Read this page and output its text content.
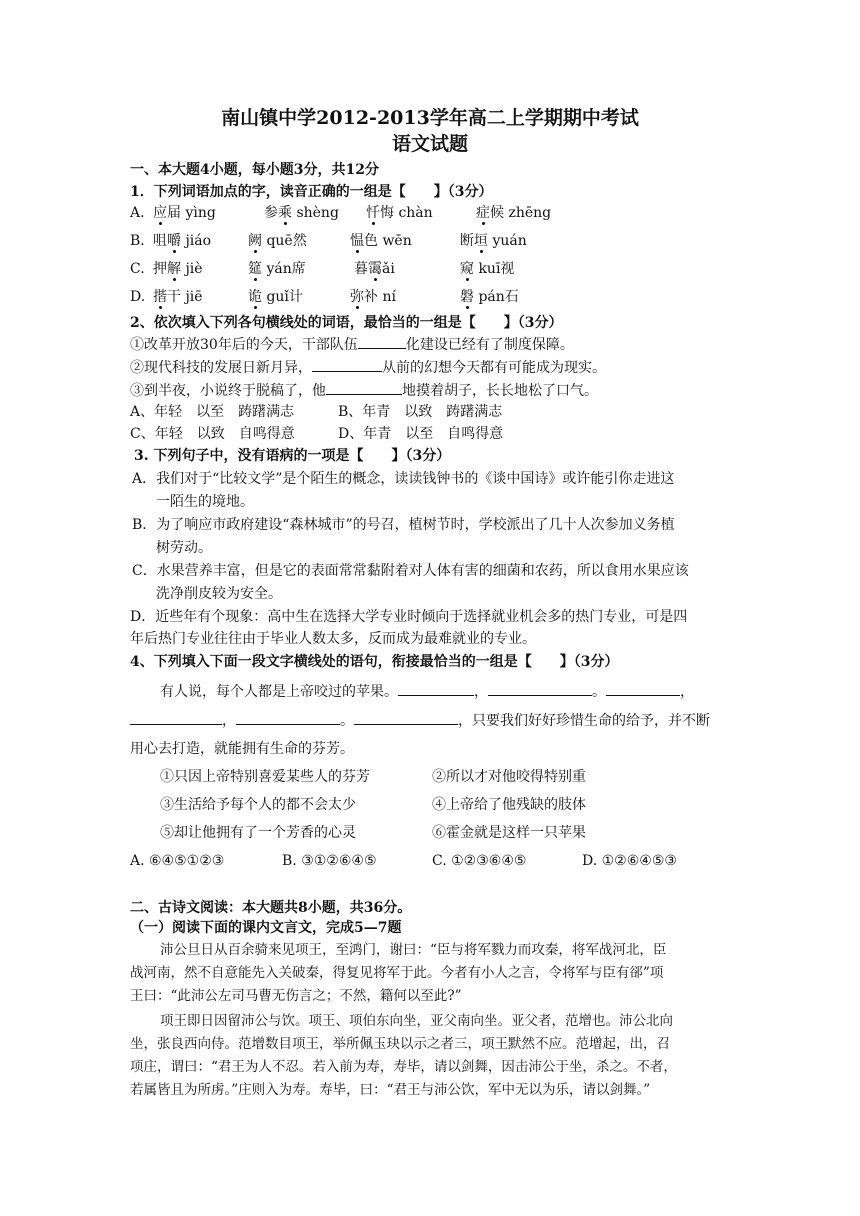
南山镇中学2012-2013学年高二上学期期中考试
语文试题
一、本大题4小题，每小题3分，共12分
1．下列词语加点的字，读音正确的一组是【　　】（3分）
A. 应届 yìng	参乘 shèng 忏悔 chàn	症候 zhēng
B. 咀嚼 jiáo	阙 quē然	愠色 wēn	断垣 yuán
C. 押解 jiè	筵 yán席	暮霭ǎi	窥 kuī视
D. 揩干 jiē	诡 guǐ计	弥补 ní	磐 pán石
2、依次填入下列各句横线处的词语，最恰当的一组是【　　】（3分）
①改革开放30年后的今天，干部队伍	化建设已经有了制度保障。
②现代科技的发展日新月异，	从前的幻想今天都有可能成为现实。
③到半夜，小说终于脱稿了，他	地摸着胡子，长长地松了口气。
A、年轻　以至　踌躇满志	B、年青　以致　踌躇满志
C、年轻　以致　自鸣得意	D、年青　以至　自鸣得意
3. 下列句子中，没有语病的一项是【　　】（3分）
A．我们对于“比较文学”是个陌生的概念，读读钱钟书的《谈中国诗》或许能引你走进这
一陌生的境地。
B．为了响应市政府建设“森林城市”的号召，植树节时，学校派出了几十人次参加义务植
树劳动。
C．水果营养丰富，但是它的表面常常黏附着对人体有害的细菌和农药，所以食用水果应该
洗净削皮较为安全。
D．近些年有个现象：高中生在选择大学专业时倾向于选择就业机会多的热门专业，可是四
年后热门专业往往由于毕业人数太多，反而成为最难就业的专业。
4、下列填入下面一段文字横线处的语句，衔接最恰当的一组是【　　】（3分）
有人说，每个人都是上帝咬过的苹果。	，	。	，
，	。	，只要我们好好珍惜生命的给予，并不断
用心去打造，就能拥有生命的芬芳。
①只因上帝特别喜爱某些人的芬芳	②所以才对他咬得特别重
③生活给予每个人的都不会太少	④上帝给了他残缺的肢体
⑤却让他拥有了一个芳香的心灵	⑥霍金就是这样一只苹果
A. ⑥④⑤①②③	B. ③①②⑥④⑤	C. ①②③⑥④⑤	D. ①②⑥④⑤③
二、古诗文阅读：本大题共8小题，共36分。
（一）阅读下面的课内文言文，完成5—7题
沛公旦日从百余骑来见项王，至鸿门，谢曰：“臣与将军戮力而攻秦，将军战河北，臣
战河南，然不自意能先入关破秦，得复见将军于此。今者有小人之言，令将军与臣有郤”项
王曰：“此沛公左司马曹无伤言之；不然，籍何以至此?”
项王即日因留沛公与饮。项王、项伯东向坐，亚父南向坐。亚父者，范增也。沛公北向
坐，张良西向侍。范增数目项王，举所佩玉玦以示之者三，项王默然不应。范增起，出，召
项庄，谓曰：“君王为人不忍。若入前为寿，寿毕，请以剑舞，因击沛公于坐，杀之。不者，
若属皆且为所虏。”庄则入为寿。寿毕，曰：“君王与沛公饮，军中无以为乐，请以剑舞。”
